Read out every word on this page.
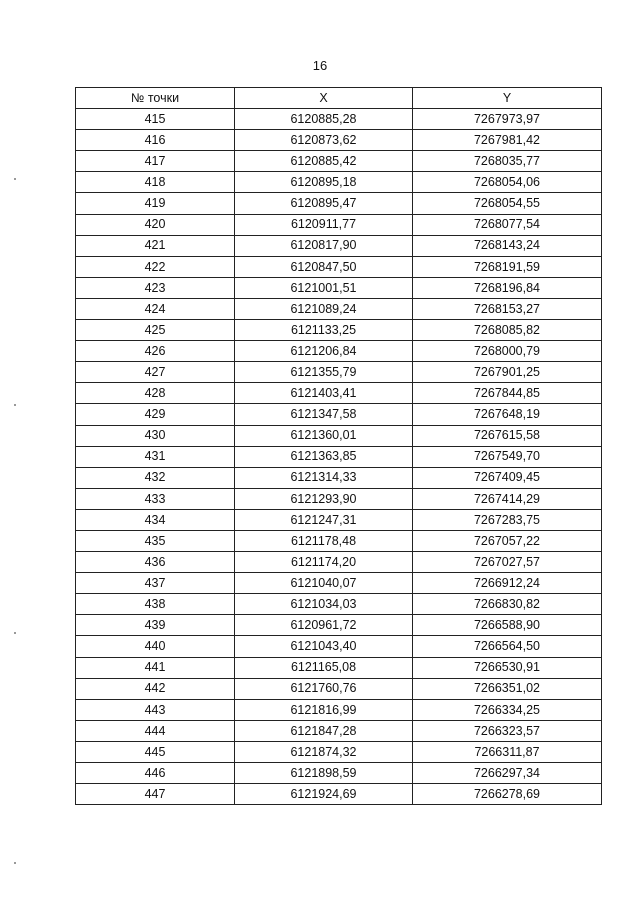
16
№ точки	X	Y
415	6120885,28	7267973,97
416	6120873,62	7267981,42
417	6120885,42	7268035,77
418	6120895,18	7268054,06
419	6120895,47	7268054,55
420	6120911,77	7268077,54
421	6120817,90	7268143,24
422	6120847,50	7268191,59
423	6121001,51	7268196,84
424	6121089,24	7268153,27
425	6121133,25	7268085,82
426	6121206,84	7268000,79
427	6121355,79	7267901,25
428	6121403,41	7267844,85
429	6121347,58	7267648,19
430	6121360,01	7267615,58
431	6121363,85	7267549,70
432	6121314,33	7267409,45
433	6121293,90	7267414,29
434	6121247,31	7267283,75
435	6121178,48	7267057,22
436	6121174,20	7267027,57
437	6121040,07	7266912,24
438	6121034,03	7266830,82
439	6120961,72	7266588,90
440	6121043,40	7266564,50
441	6121165,08	7266530,91
442	6121760,76	7266351,02
443	6121816,99	7266334,25
444	6121847,28	7266323,57
445	6121874,32	7266311,87
446	6121898,59	7266297,34
447	6121924,69	7266278,69
